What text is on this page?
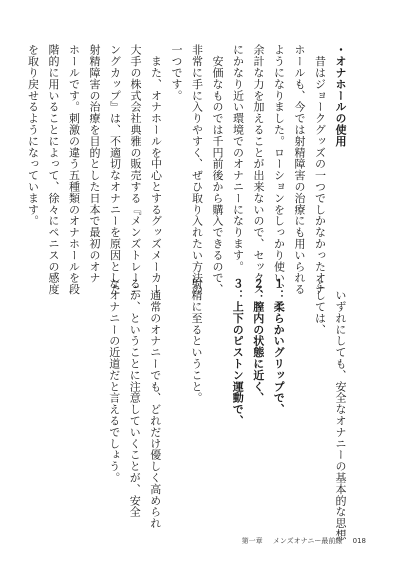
・オナホールの使用
　昔はジョークグッズの一つでしかなかったオナ
ホールも、今では射精障害の治療にも用いられる
ようになりました。ローションをしっかり使い、
余計な力を加えることが出来ないので、セックス
にかなり近い環境でのオナニーになります。
　安価なものでは千円前後から購入できるので、
非常に手に入りやすく、ぜひ取り入れたい方法の
一つです。
　また、オナホールを中心とするグッズメーカー
大手の株式会社典雅の販売する『メンズトレーニ
ングカップ』は、不適切なオナニーを原因とした
射精障害の治療を目的とした日本で最初のオナ
ホールです。刺激の違う五種類のオナホールを段
階的に用いることによって、徐々にペニスの感度
を取り戻せるようになっています。
　いずれにしても、安全なオナニーの基本的な思想
としては、
１：柔らかいグリップで、
２：膣内の状態に近く、
３：上下のピストン運動で、
射精に至るということ。
　通常のオナニーでも、どれだけ優しく高められ
るか、ということに注意していくことが、安全
なオナニーの近道だと言えるでしょう。
第一章 メンズオナニー最前線 018
